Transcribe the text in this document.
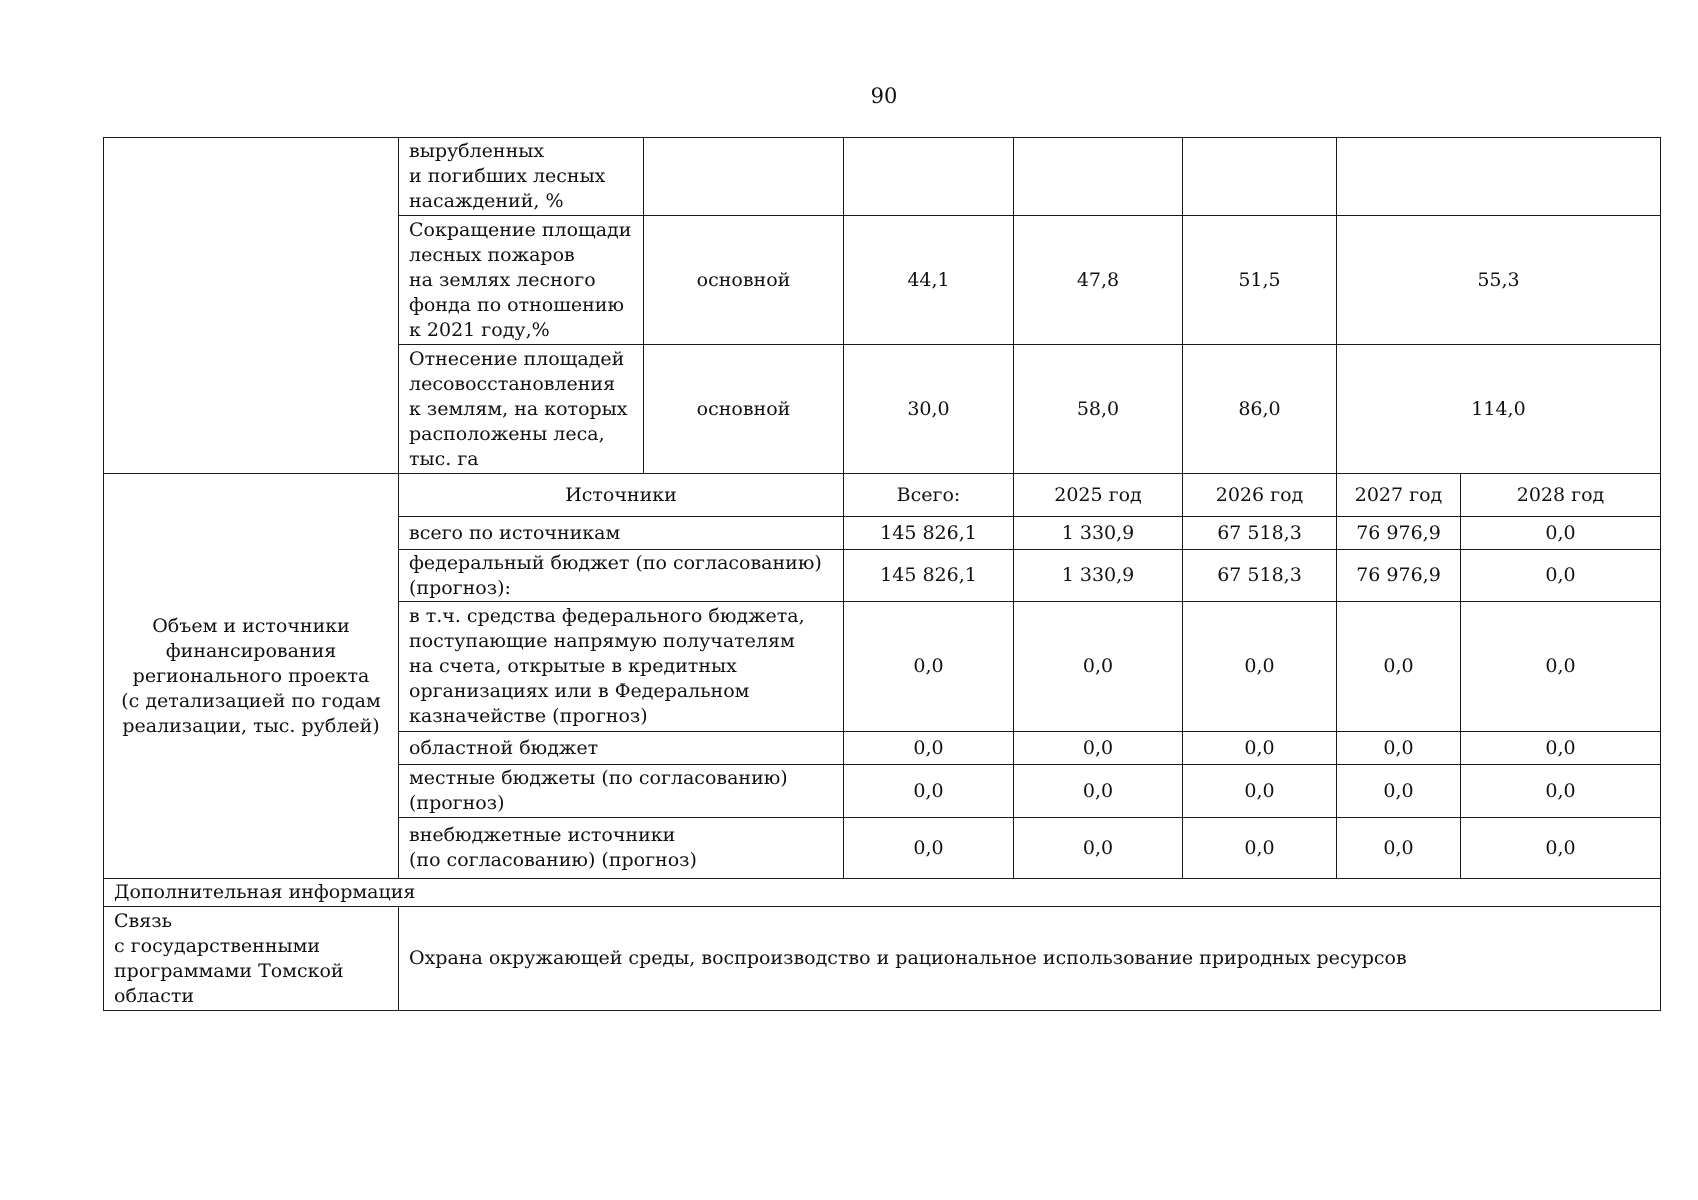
90
	вырубленных
и погибших лесных
насаждений, %						
	Сокращение площади
лесных пожаров
на землях лесного
фонда по отношению
к 2021 году,%	основной	44,1	47,8	51,5	55,3	
	Отнесение площадей
лесовосстановления
к землям, на которых
расположены леса,
тыс. га	основной	30,0	58,0	86,0	114,0	
Объем и источники
финансирования
регионального проекта
(с детализацией по годам
реализации, тыс. рублей)	Источники		Всего:	2025 год	2026 год	2027 год	2028 год
	всего по источникам		145 826,1	1 330,9	67 518,3	76 976,9	0,0
	федеральный бюджет (по согласованию)
(прогноз):		145 826,1	1 330,9	67 518,3	76 976,9	0,0
	в т.ч. средства федерального бюджета,
поступающие напрямую получателям
на счета, открытые в кредитных
организациях или в Федеральном
казначействе (прогноз)		0,0	0,0	0,0	0,0	0,0
	областной бюджет		0,0	0,0	0,0	0,0	0,0
	местные бюджеты (по согласованию)
(прогноз)		0,0	0,0	0,0	0,0	0,0
	внебюджетные источники
(по согласованию) (прогноз)		0,0	0,0	0,0	0,0	0,0
Дополнительная информация							
Связь
с государственными
программами Томской
области	Охрана окружающей среды, воспроизводство и рациональное использование природных ресурсов						
